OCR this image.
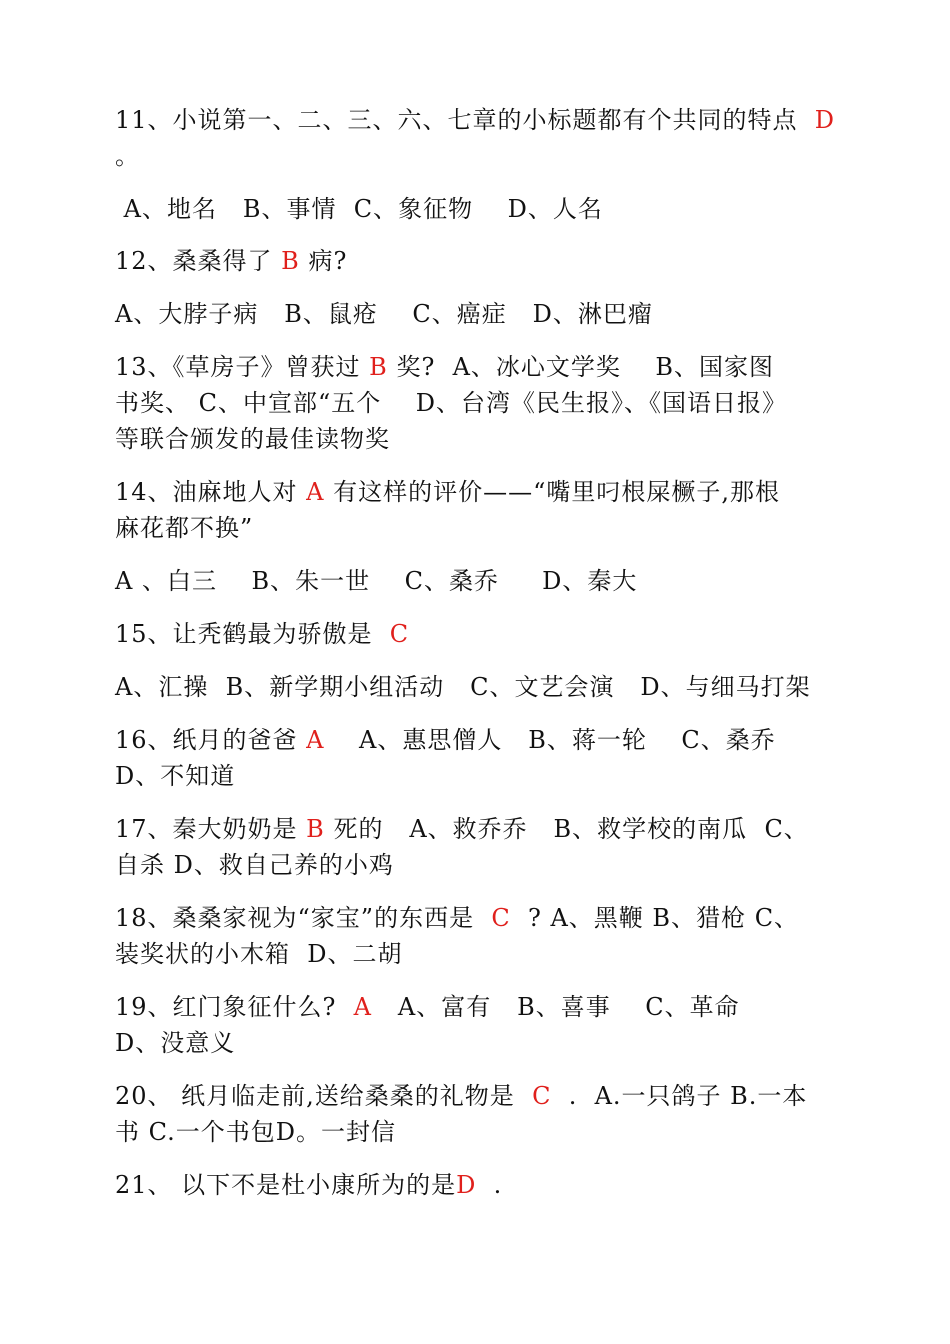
11、小说第一、二、三、六、七章的小标题都有个共同的特点  D
。
A、地名   B、事情  C、象征物    D、人名
12、桑桑得了 B 病?
A、大脖子病   B、鼠疮    C、癌症   D、淋巴瘤
13、《草房子》曾获过 B 奖?  A、冰心文学奖    B、国家图
书奖、 C、中宣部“五个    D、台湾《民生报》、《国语日报》
等联合颁发的最佳读物奖
14、油麻地人对 A 有这样的评价——“嘴里叼根屎橛子,那根
麻花都不换”
A 、白三    B、朱一世    C、桑乔     D、秦大
15、让秃鹤最为骄傲是  C
A、汇操  B、新学期小组活动   C、文艺会演   D、与细马打架
16、纸月的爸爸 A    A、惠思僧人   B、蒋一轮    C、桑乔
D、不知道
17、秦大奶奶是 B 死的   A、救乔乔   B、救学校的南瓜  C、
自杀 D、救自己养的小鸡
18、桑桑家视为“家宝”的东西是  C  ? A、黑鞭 B、猎枪 C、
装奖状的小木箱  D、二胡
19、红门象征什么?  A   A、富有   B、喜事    C、革命
D、没意义
20、 纸月临走前,送给桑桑的礼物是  C  .  A.一只鸽子 B.一本
书 C.一个书包D。一封信
21、 以下不是杜小康所为的是D  .
